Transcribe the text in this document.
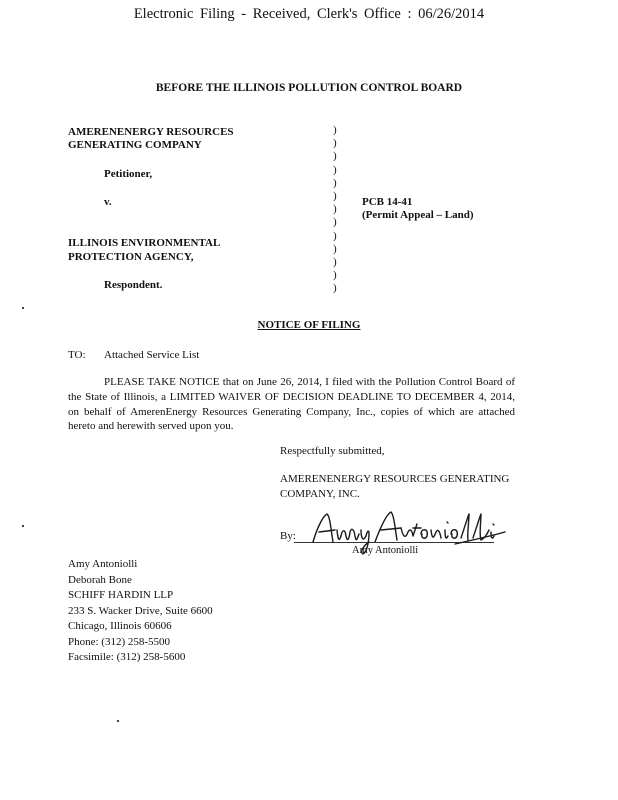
Electronic Filing - Received, Clerk's Office : 06/26/2014
BEFORE THE ILLINOIS POLLUTION CONTROL BOARD
AMERENENERGY RESOURCES
GENERATING COMPANY
Petitioner,
v.
ILLINOIS ENVIRONMENTAL
PROTECTION AGENCY,
Respondent.
)
)
)
)
)
)
)
)
)
)
)
)
)
PCB 14-41
(Permit Appeal – Land)
NOTICE OF FILING
TO: Attached Service List

PLEASE TAKE NOTICE that on June 26, 2014, I filed with the Pollution Control Board of the State of Illinois, a LIMITED WAIVER OF DECISION DEADLINE TO DECEMBER 4, 2014, on behalf of AmerenEnergy Resources Generating Company, Inc., copies of which are attached hereto and herewith served upon you.

Respectfully submitted,
AMERENENERGY RESOURCES GENERATING
COMPANY, INC.
By:
Amy Antoniolli
Amy Antoniolli
Deborah Bone
SCHIFF HARDIN LLP
233 S. Wacker Drive, Suite 6600
Chicago, Illinois 60606
Phone: (312) 258-5500
Facsimile: (312) 258-5600
